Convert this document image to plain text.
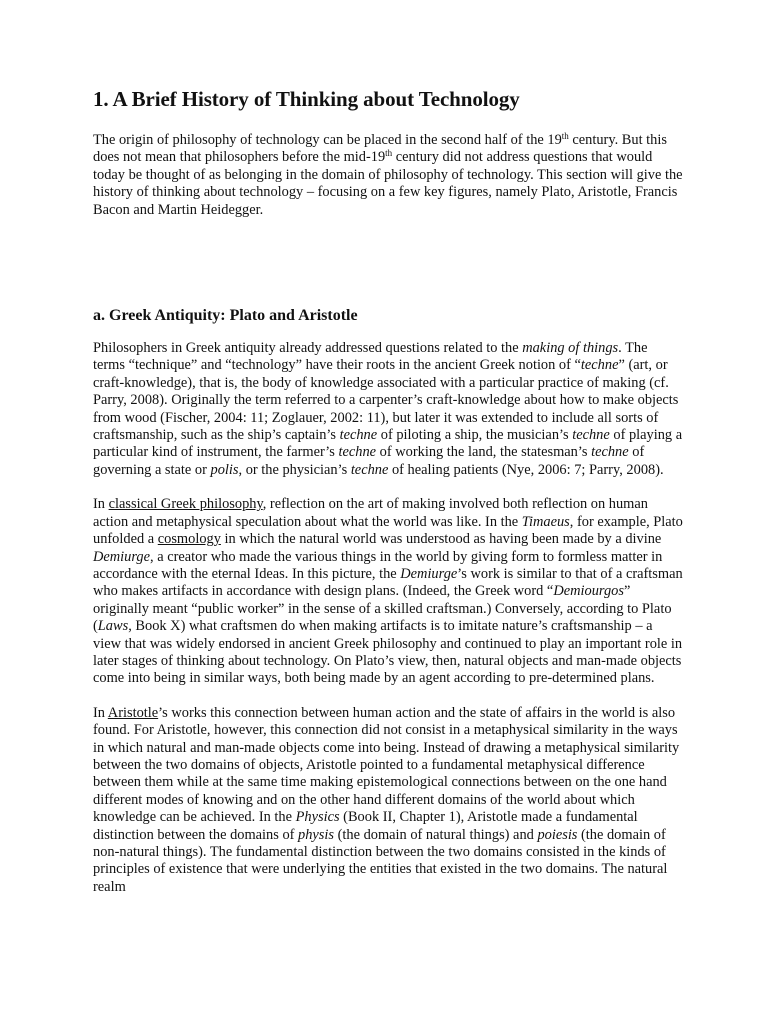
1. A Brief History of Thinking about Technology

The origin of philosophy of technology can be placed in the second half of the 19th century. But this does not mean that philosophers before the mid-19th century did not address questions that would today be thought of as belonging in the domain of philosophy of technology. This section will give the history of thinking about technology – focusing on a few key figures, namely Plato, Aristotle, Francis Bacon and Martin Heidegger.

a. Greek Antiquity: Plato and Aristotle

Philosophers in Greek antiquity already addressed questions related to the making of things. The terms “technique” and “technology” have their roots in the ancient Greek notion of “techne” (art, or craft-knowledge), that is, the body of knowledge associated with a particular practice of making (cf. Parry, 2008). Originally the term referred to a carpenter’s craft-knowledge about how to make objects from wood (Fischer, 2004: 11; Zoglauer, 2002: 11), but later it was extended to include all sorts of craftsmanship, such as the ship’s captain’s techne of piloting a ship, the musician’s techne of playing a particular kind of instrument, the farmer’s techne of working the land, the statesman’s techne of governing a state or polis, or the physician’s techne of healing patients (Nye, 2006: 7; Parry, 2008).

In classical Greek philosophy, reflection on the art of making involved both reflection on human action and metaphysical speculation about what the world was like. In the Timaeus, for example, Plato unfolded a cosmology in which the natural world was understood as having been made by a divine Demiurge, a creator who made the various things in the world by giving form to formless matter in accordance with the eternal Ideas. In this picture, the Demiurge’s work is similar to that of a craftsman who makes artifacts in accordance with design plans. (Indeed, the Greek word “Demiourgos” originally meant “public worker” in the sense of a skilled craftsman.) Conversely, according to Plato (Laws, Book X) what craftsmen do when making artifacts is to imitate nature’s craftsmanship – a view that was widely endorsed in ancient Greek philosophy and continued to play an important role in later stages of thinking about technology. On Plato’s view, then, natural objects and man-made objects come into being in similar ways, both being made by an agent according to pre-determined plans.

In Aristotle’s works this connection between human action and the state of affairs in the world is also found. For Aristotle, however, this connection did not consist in a metaphysical similarity in the ways in which natural and man-made objects come into being. Instead of drawing a metaphysical similarity between the two domains of objects, Aristotle pointed to a fundamental metaphysical difference between them while at the same time making epistemological connections between on the one hand different modes of knowing and on the other hand different domains of the world about which knowledge can be achieved. In the Physics (Book II, Chapter 1), Aristotle made a fundamental distinction between the domains of physis (the domain of natural things) and poiesis (the domain of non-natural things). The fundamental distinction between the two domains consisted in the kinds of principles of existence that were underlying the entities that existed in the two domains. The natural realm
